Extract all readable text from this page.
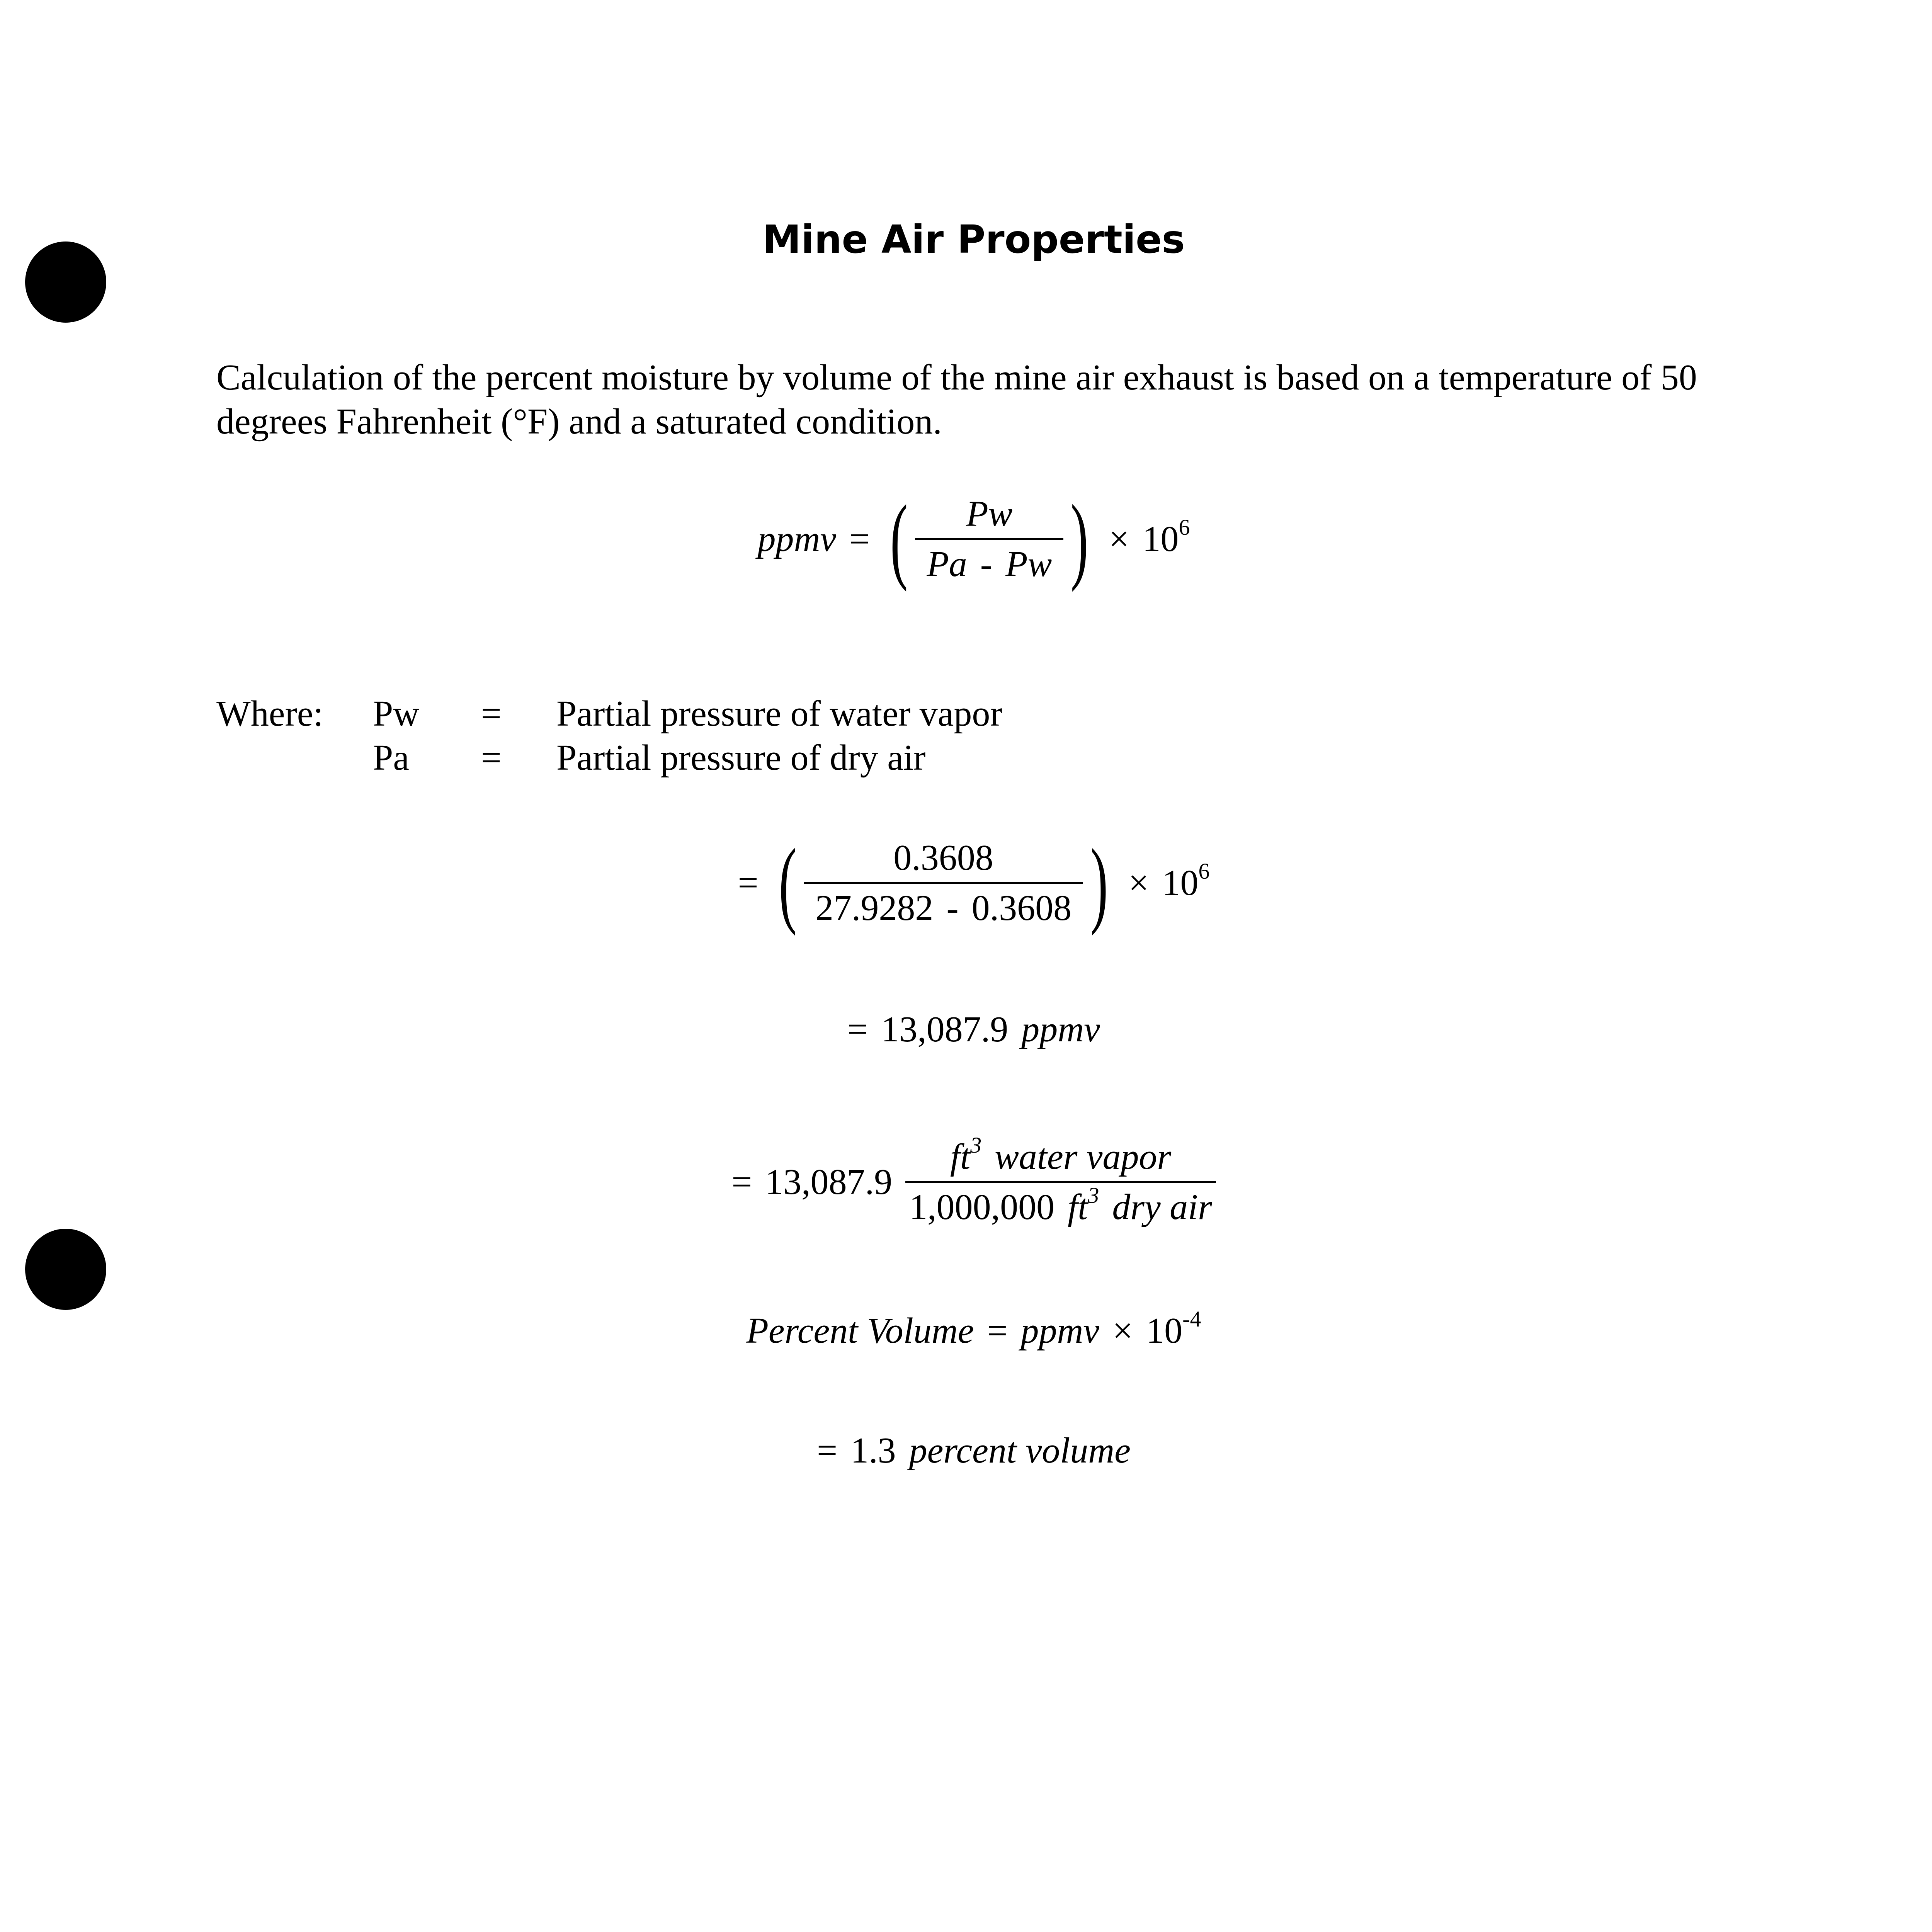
Mine Air Properties
Calculation of the percent moisture by volume of the mine air exhaust is based on a temperature of 50 degrees Fahrenheit (°F) and a saturated condition.
ppmv = ( $\frac{Pw}{Pa - Pw}$ ) × $10^6$
Where: Pw = Partial pressure of water vapor
Pa = Partial pressure of dry air
= ( $\frac{0.3608}{27.9282 - 0.3608}$ ) × $10^6$
= 13,087.9 ppmv
= $13,087.9 \frac{ft^3 water vapor}{1,000,000 ft^3 dry air}$
Percent Volume = ppmv × $10^{-4}$
= 1.3 percent volume
